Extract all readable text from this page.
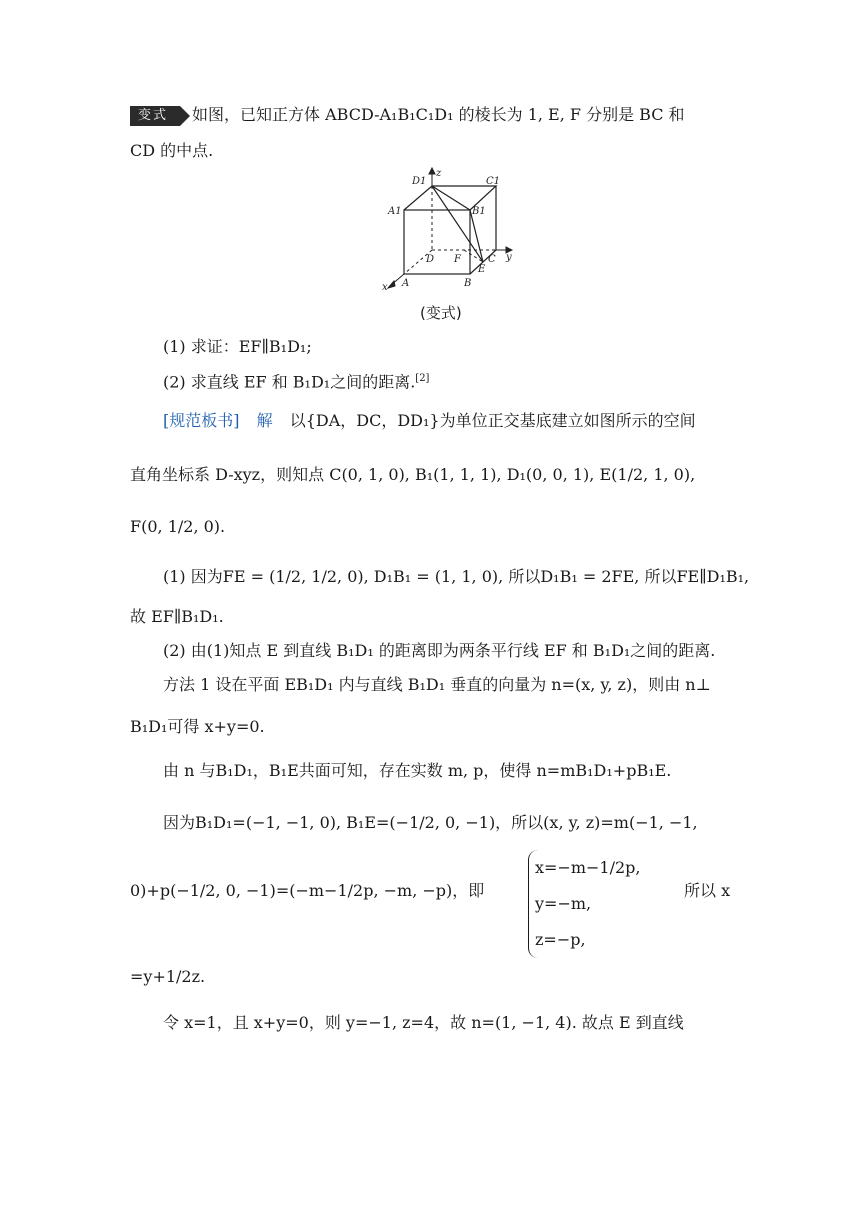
变式 如图，已知正方体 ABCD-A₁B₁C₁D₁ 的棱长为 1, E, F 分别是 BC 和
CD 的中点.
z
D1	C1
A1	B1
D F	C y
A	B
E
x
(变式)
(1) 求证：EF∥B₁D₁;
(2) 求直线 EF 和 B₁D₁之间的距离.[2]
[规范板书] 解 以{DA，DC，DD₁}为单位正交基底建立如图所示的空间
直角坐标系 D-xyz，则知点 C(0, 1, 0), B₁(1, 1, 1), D₁(0, 0, 1), E(1/2, 1, 0),
F(0, 1/2, 0).
(1) 因为FE = (1/2, 1/2, 0), D₁B₁ = (1, 1, 0), 所以D₁B₁ = 2FE, 所以FE∥D₁B₁,
故 EF∥B₁D₁.
(2) 由(1)知点 E 到直线 B₁D₁ 的距离即为两条平行线 EF 和 B₁D₁之间的距离.
方法 1 设在平面 EB₁D₁ 内与直线 B₁D₁ 垂直的向量为 n=(x, y, z)，则由 n⊥
B₁D₁可得 x+y=0.
由 n 与B₁D₁，B₁E共面可知，存在实数 m, p，使得 n=mB₁D₁+pB₁E.
因为B₁D₁=(−1, −1, 0), B₁E=(−1/2, 0, −1)，所以(x, y, z)=m(−1, −1,
0)+p(−1/2, 0, −1)=(−m−1/2p, −m, −p)，即
x=−m−1/2p,
y=−m,
z=−p,
所以 x
=y+1/2z.
令 x=1，且 x+y=0，则 y=−1, z=4，故 n=(1, −1, 4). 故点 E 到直线
